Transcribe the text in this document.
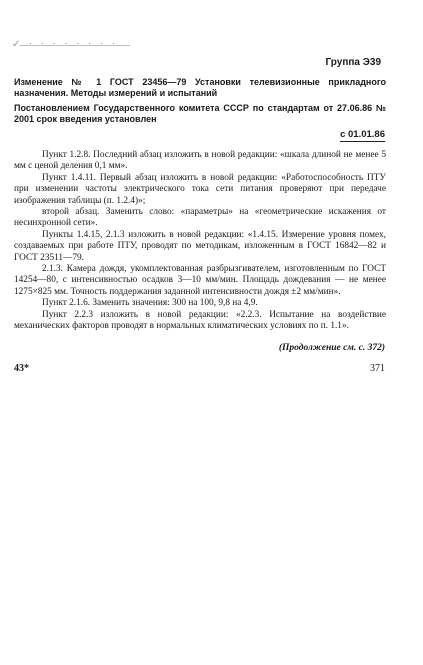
✓ · · · · · · · ·
Группа Э39
Изменение № 1 ГОСТ 23456—79 Установки телевизионные прикладного назначения. Методы измерений и испытаний
Постановлением Государственного комитета СССР по стандартам от 27.06.86 № 2001 срок введения установлен
с 01.01.86

Пункт 1.2.8. Последний абзац изложить в новой редакции: «шкала длиной не менее 5 мм с ценой деления 0,1 мм».

Пункт 1.4.11. Первый абзац изложить в новой редакции: «Работоспособность ПТУ при изменении частоты электрического тока сети питания проверяют при передаче изображения таблицы (п. 1.2.4)»;

второй абзац. Заменить слово: «параметры» на «геометрические искажения от несинхронной сети».

Пункты 1.4.15, 2.1.3 изложить в новой редакции: «1.4.15. Измерение уровня помех, создаваемых при работе ПТУ, проводят по методикам, изложенным в ГОСТ 16842—82 и ГОСТ 23511—79.

2.1.3. Камера дождя, укомплектованная разбрызгивателем, изготовленным по ГОСТ 14254—80, с интенсивностью осадков 3—10 мм/мин. Площадь дождевания — не менее 1275×825 мм. Точность поддержания заданной интенсивности дождя ±2 мм/мин».

Пункт 2.1.6. Заменить значения: 300 на 100, 9,8 на 4,9.

Пункт 2.2.3 изложить в новой редакции: «2.2.3. Испытание на воздействие механических факторов проводят в нормальных климатических условиях по п. 1.1».

(Продолжение см. с. 372)
43*	371
